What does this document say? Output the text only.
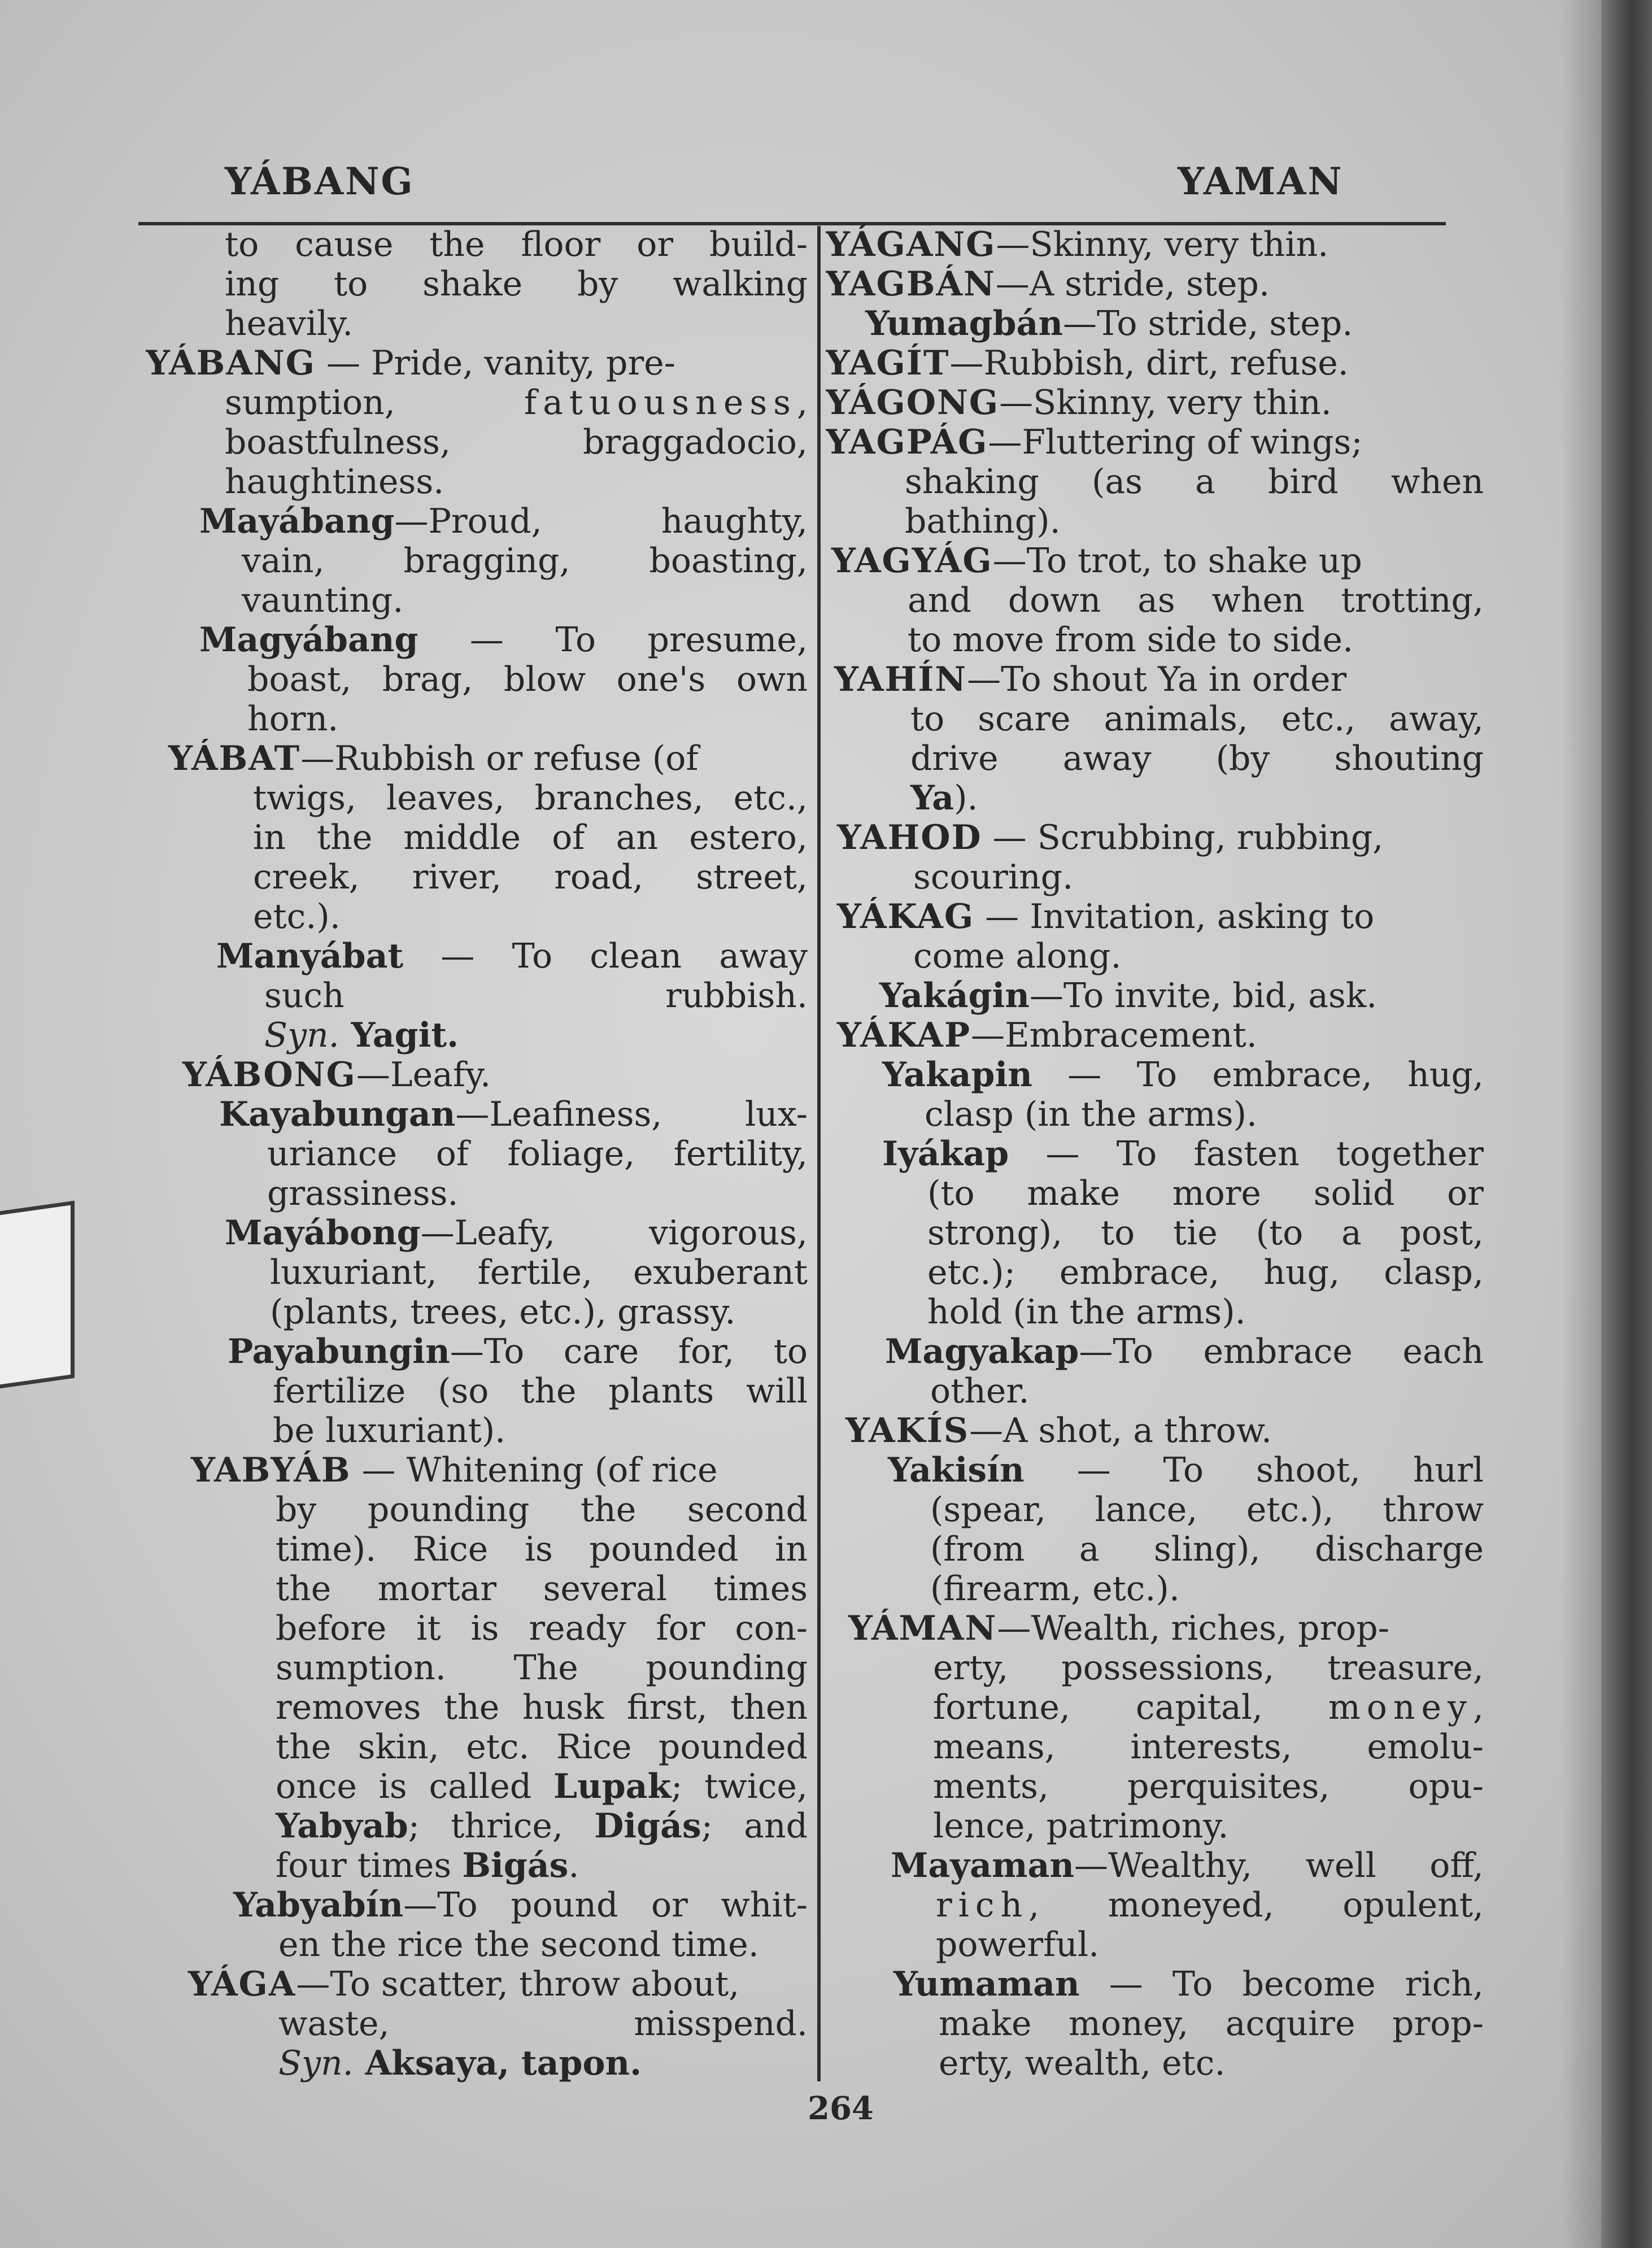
YÁBANG	YAMAN
to cause the floor or build-
ing to shake by walking
heavily.
YÁBANG — Pride, vanity, pre-
sumption, fatuousness,
boastfulness, braggadocio,
haughtiness.
Mayábang—Proud, haughty,
vain, bragging, boasting,
vaunting.
Magyábang — To presume,
boast, brag, blow one's own
horn.
YÁBAT—Rubbish or refuse (of
twigs, leaves, branches, etc.,
in the middle of an estero,
creek, river, road, street,
etc.).
Manyábat — To clean away
such rubbish.
Syn. Yagit.
YÁBONG—Leafy.
Kayabungan—Leafiness, lux-
uriance of foliage, fertility,
grassiness.
Mayábong—Leafy, vigorous,
luxuriant, fertile, exuberant
(plants, trees, etc.), grassy.
Payabungin—To care for, to
fertilize (so the plants will
be luxuriant).
YABYÁB — Whitening (of rice
by pounding the second
time). Rice is pounded in
the mortar several times
before it is ready for con-
sumption. The pounding
removes the husk first, then
the skin, etc. Rice pounded
once is called Lupak; twice,
Yabyab; thrice, Digás; and
four times Bigás.
Yabyabín—To pound or whit-
en the rice the second time.
YÁGA—To scatter, throw about,
waste, misspend.
Syn. Aksaya, tapon.
YÁGANG—Skinny, very thin.
YAGBÁN—A stride, step.
Yumagbán—To stride, step.
YAGÍT—Rubbish, dirt, refuse.
YÁGONG—Skinny, very thin.
YAGPÁG—Fluttering of wings;
shaking (as a bird when
bathing).
YAGYÁG—To trot, to shake up
and down as when trotting,
to move from side to side.
YAHÍN—To shout Ya in order
to scare animals, etc., away,
drive away (by shouting
Ya).
YAHOD — Scrubbing, rubbing,
scouring.
YÁKAG — Invitation, asking to
come along.
Yakágin—To invite, bid, ask.
YÁKAP—Embracement.
Yakapin — To embrace, hug,
clasp (in the arms).
Iyákap — To fasten together
(to make more solid or
strong), to tie (to a post,
etc.); embrace, hug, clasp,
hold (in the arms).
Magyakap—To embrace each
other.
YAKÍS—A shot, a throw.
Yakisín — To shoot, hurl
(spear, lance, etc.), throw
(from a sling), discharge
(firearm, etc.).
YÁMAN—Wealth, riches, prop-
erty, possessions, treasure,
fortune, capital, money,
means, interests, emolu-
ments, perquisites, opu-
lence, patrimony.
Mayaman—Wealthy, well off,
rich, moneyed, opulent,
powerful.
Yumaman — To become rich,
make money, acquire prop-
erty, wealth, etc.
264
